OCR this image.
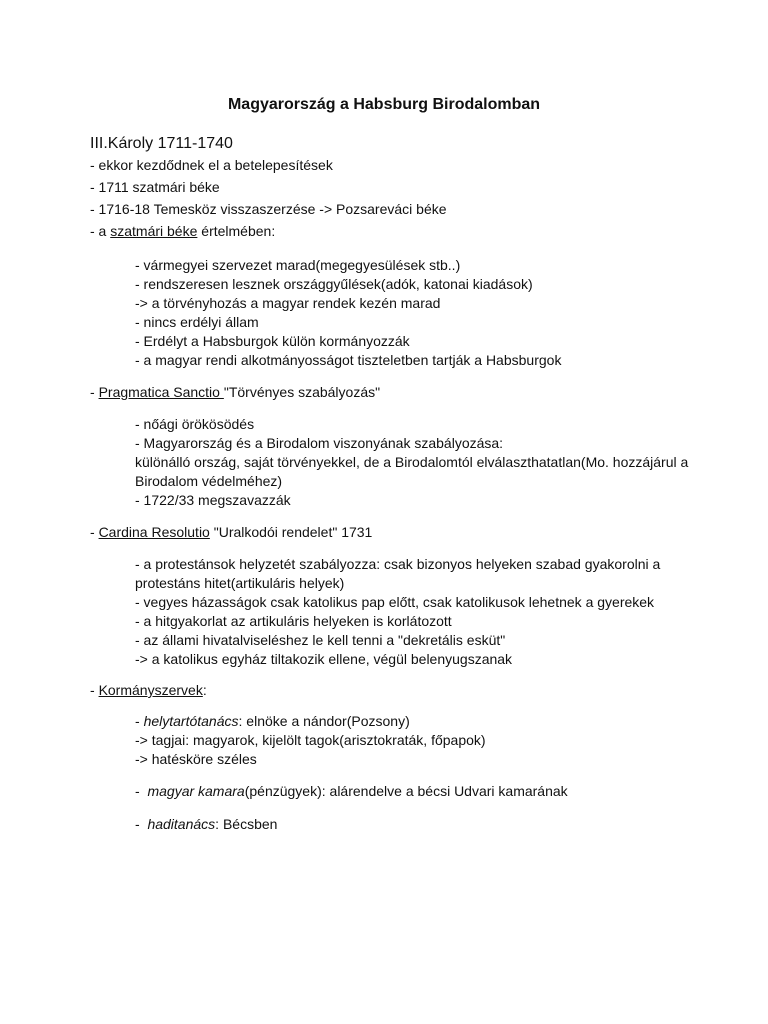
Magyarország a Habsburg Birodalomban
III.Károly 1711-1740

- ekkor kezdődnek el a betelepesítések

- 1711 szatmári béke

- 1716-18 Temesköz visszaszerzése -> Pozsareváci béke

- a szatmári béke értelmében:

- vármegyei szervezet marad(megegyesülések stb..)

- rendszeresen lesznek országgyűlések(adók, katonai kiadások)

-> a törvényhozás a magyar rendek kezén marad

- nincs erdélyi állam

- Erdélyt a Habsburgok külön kormányozzák

- a magyar rendi alkotmányosságot tiszteletben tartják a Habsburgok

- Pragmatica Sanctio "Törvényes szabályozás"

- nőági örökösödés

- Magyarország és a Birodalom viszonyának szabályozása:

különálló ország, saját törvényekkel, de a Birodalomtól elválaszthatatlan(Mo. hozzájárul a Birodalom védelméhez)

- 1722/33 megszavazzák

- Cardina Resolutio "Uralkodói rendelet" 1731

- a protestánsok helyzetét szabályozza: csak bizonyos helyeken szabad gyakorolni a protestáns hitet(artikuláris helyek)

- vegyes házasságok csak katolikus pap előtt, csak katolikusok lehetnek a gyerekek

- a hitgyakorlat az artikuláris helyeken is korlátozott

- az állami hivatalviseléshez le kell tenni a "dekretális esküt"

-> a katolikus egyház tiltakozik ellene, végül belenyugszanak

- Kormányszervek:

- helytartótanács: elnöke a nándor(Pozsony)

-> tagjai: magyarok, kijelölt tagok(arisztokraták, főpapok)

-> hatésköre széles

-  magyar kamara(pénzügyek): alárendelve a bécsi Udvari kamarának

-  haditanács: Bécsben
